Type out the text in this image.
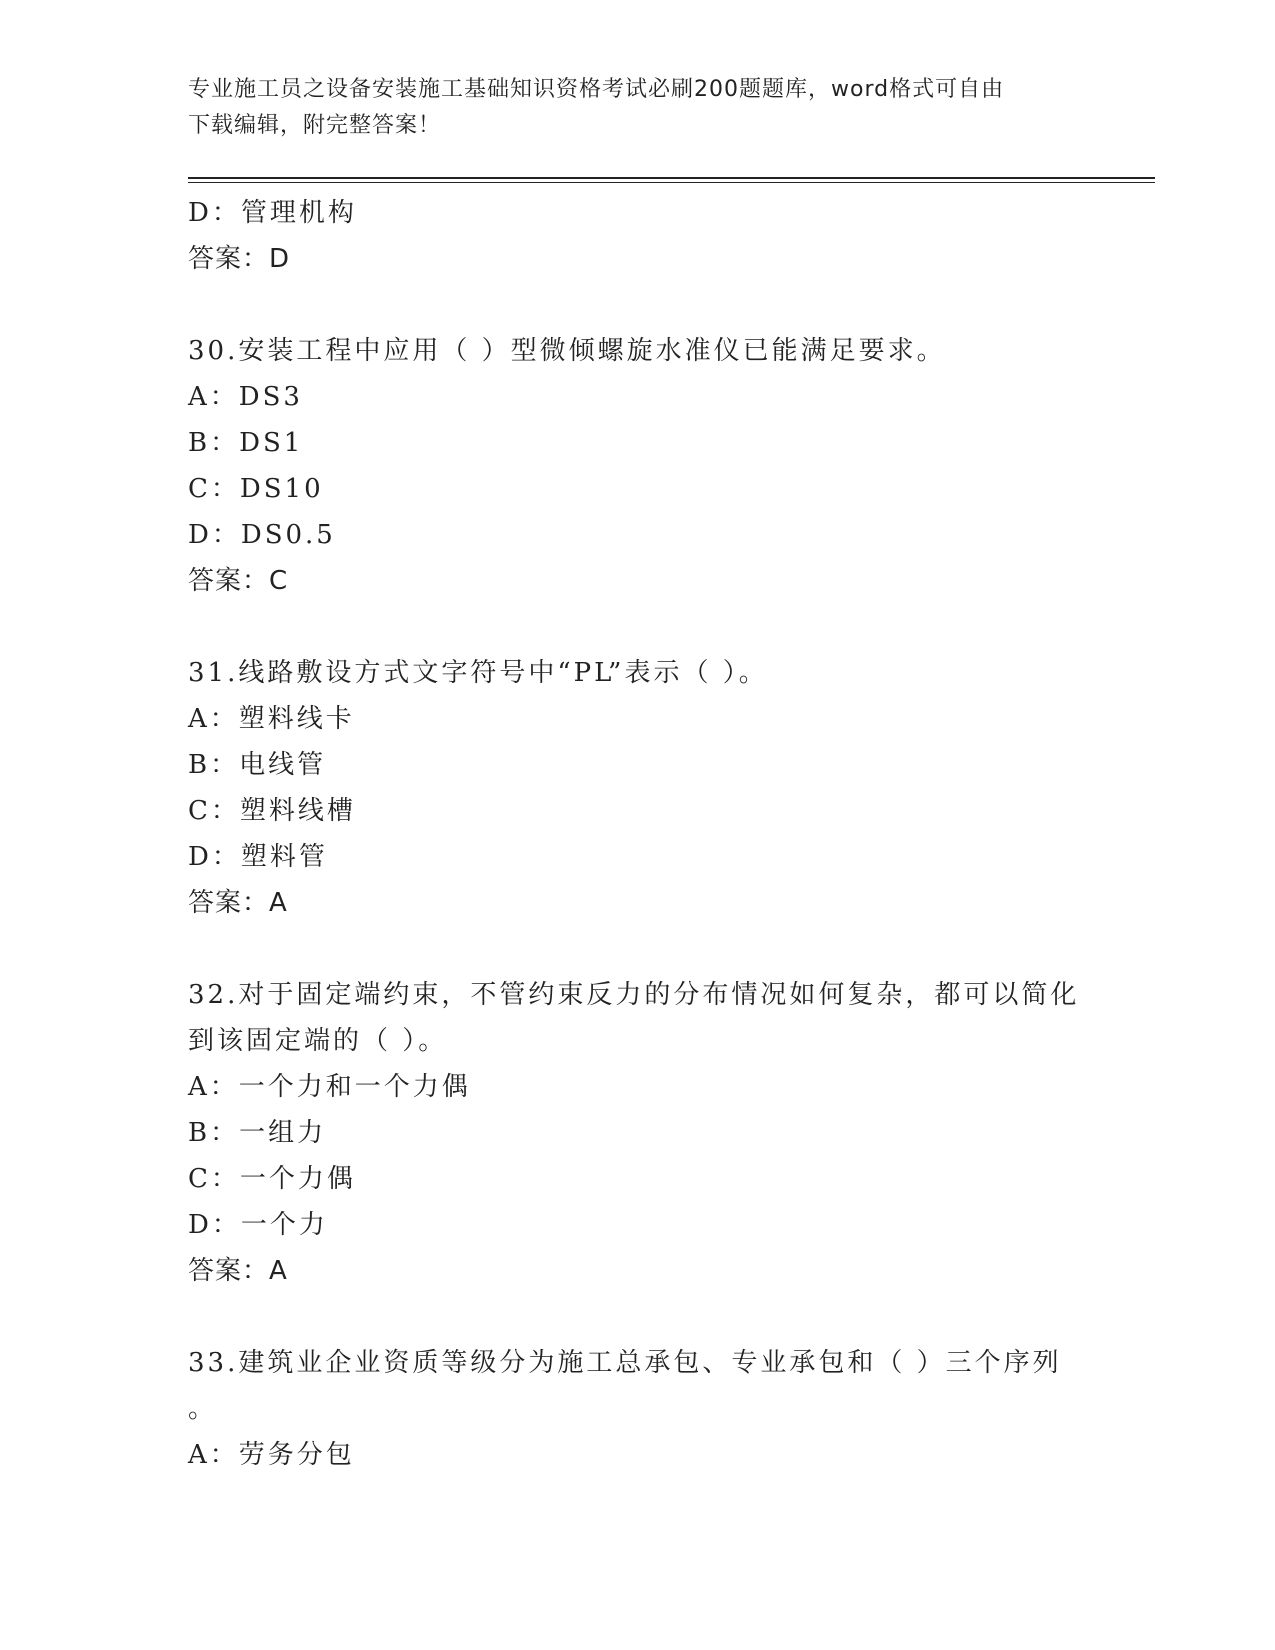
专业施工员之设备安装施工基础知识资格考试必刷200题题库，word格式可自由
下载编辑，附完整答案！
D：管理机构
答案：D
30.安装工程中应用（ ）型微倾螺旋水准仪已能满足要求。
A：DS3
B：DS1
C：DS10
D：DS0.5
答案：C
31.线路敷设方式文字符号中“PL”表示（ ）。
A：塑料线卡
B：电线管
C：塑料线槽
D：塑料管
答案：A
32.对于固定端约束，不管约束反力的分布情况如何复杂，都可以简化
到该固定端的（ ）。
A：一个力和一个力偶
B：一组力
C：一个力偶
D：一个力
答案：A
33.建筑业企业资质等级分为施工总承包、专业承包和（ ）三个序列
。
A：劳务分包
